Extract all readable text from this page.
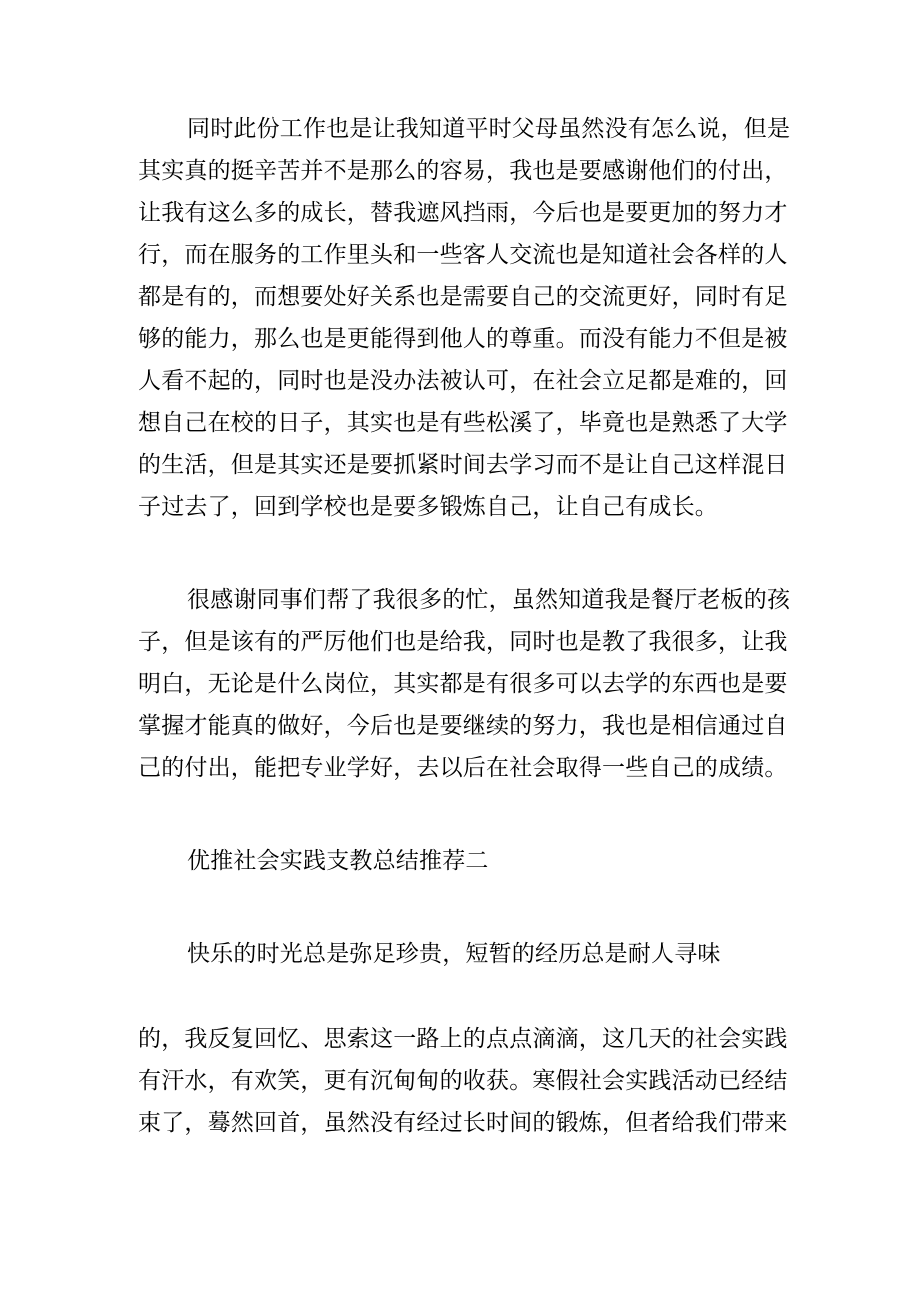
同时此份工作也是让我知道平时父母虽然没有怎么说，但是
其实真的挺辛苦并不是那么的容易，我也是要感谢他们的付出，
让我有这么多的成长，替我遮风挡雨，今后也是要更加的努力才
行，而在服务的工作里头和一些客人交流也是知道社会各样的人
都是有的，而想要处好关系也是需要自己的交流更好，同时有足
够的能力，那么也是更能得到他人的尊重。而没有能力不但是被
人看不起的，同时也是没办法被认可，在社会立足都是难的，回
想自己在校的日子，其实也是有些松溪了，毕竟也是熟悉了大学
的生活，但是其实还是要抓紧时间去学习而不是让自己这样混日
子过去了，回到学校也是要多锻炼自己，让自己有成长。
很感谢同事们帮了我很多的忙，虽然知道我是餐厅老板的孩
子，但是该有的严厉他们也是给我，同时也是教了我很多，让我
明白，无论是什么岗位，其实都是有很多可以去学的东西也是要
掌握才能真的做好，今后也是要继续的努力，我也是相信通过自
己的付出，能把专业学好，去以后在社会取得一些自己的成绩。
优推社会实践支教总结推荐二
快乐的时光总是弥足珍贵，短暂的经历总是耐人寻味
的，我反复回忆、思索这一路上的点点滴滴，这几天的社会实践
有汗水，有欢笑，更有沉甸甸的收获。寒假社会实践活动已经结
束了，蓦然回首，虽然没有经过长时间的锻炼，但者给我们带来
